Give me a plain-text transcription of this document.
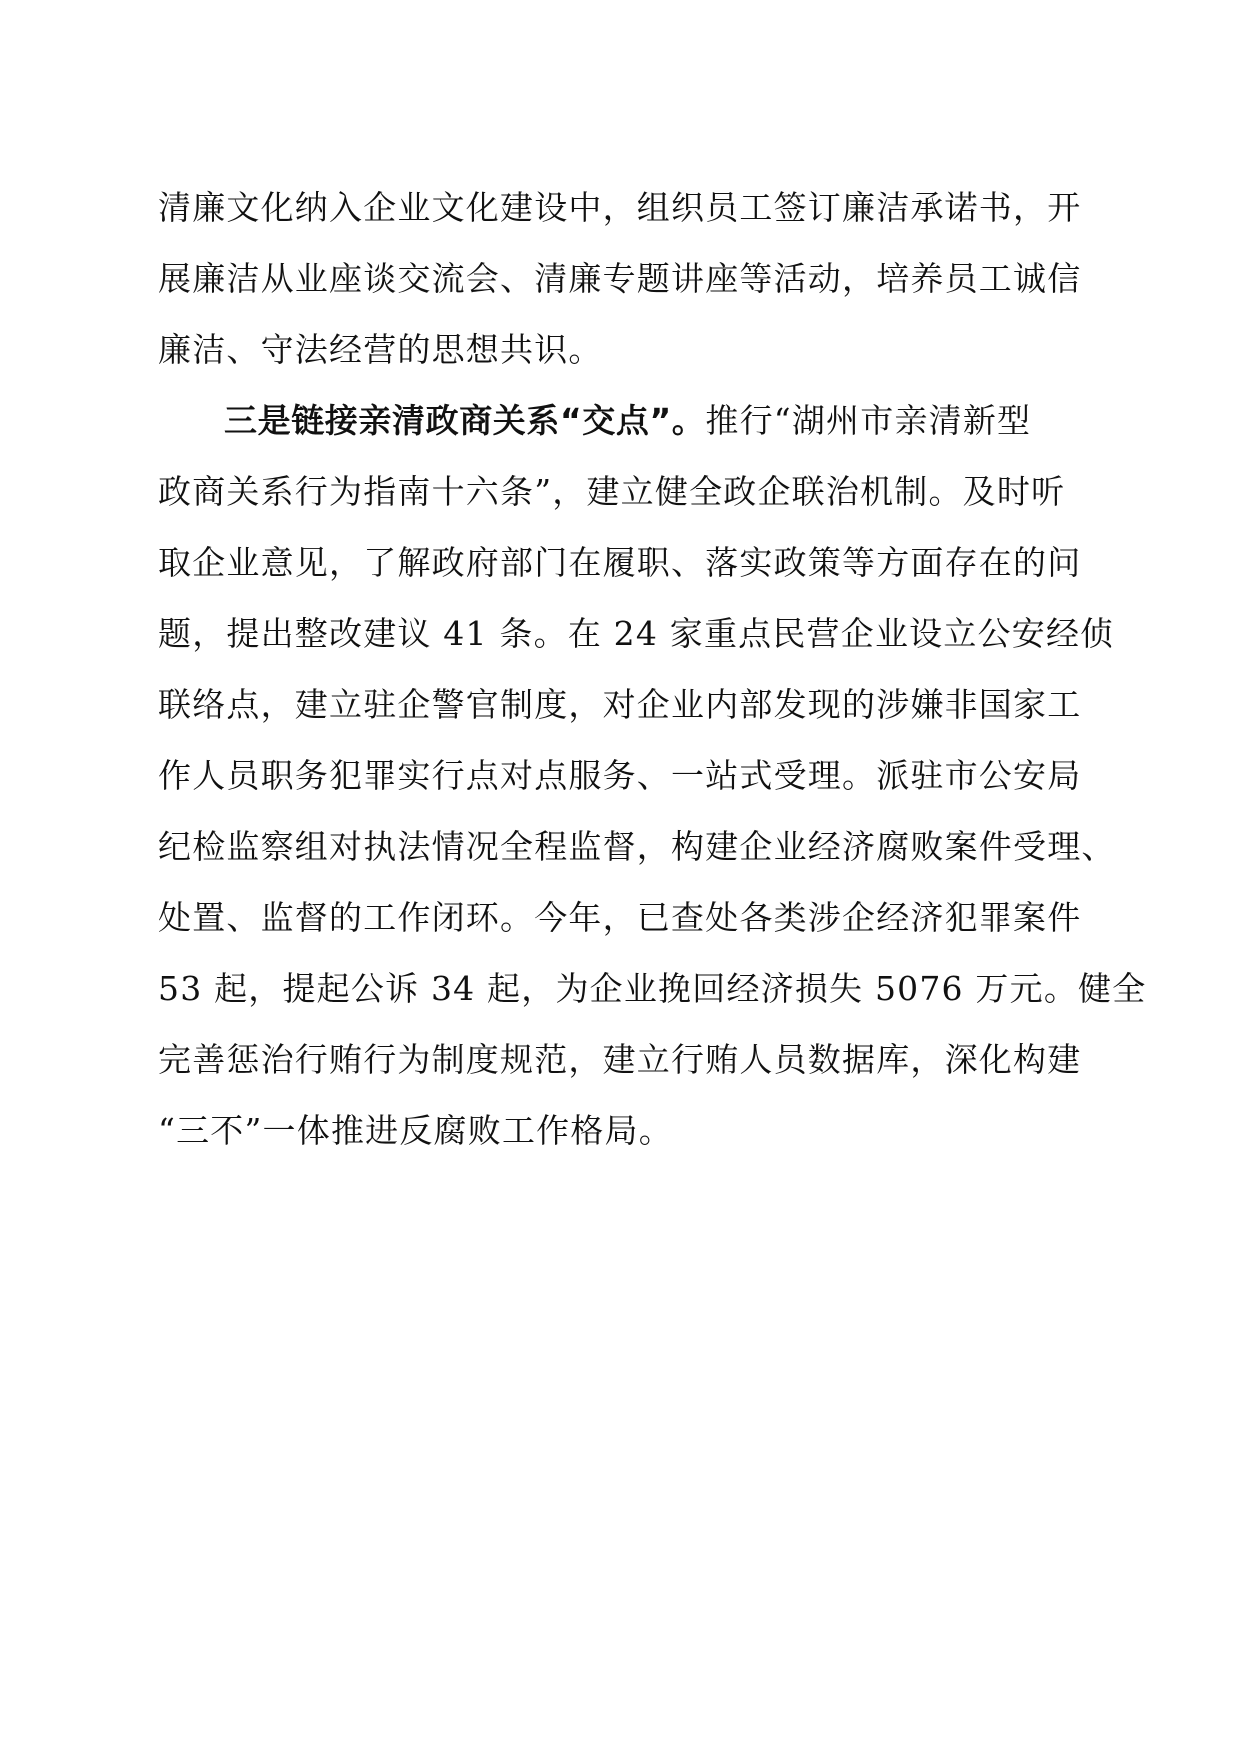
清廉文化纳入企业文化建设中，组织员工签订廉洁承诺书，开
展廉洁从业座谈交流会、清廉专题讲座等活动，培养员工诚信
廉洁、守法经营的思想共识。
三是链接亲清政商关系“交点”。推行“湖州市亲清新型
政商关系行为指南十六条”，建立健全政企联治机制。及时听
取企业意见，了解政府部门在履职、落实政策等方面存在的问
题，提出整改建议 41 条。在 24 家重点民营企业设立公安经侦
联络点，建立驻企警官制度，对企业内部发现的涉嫌非国家工
作人员职务犯罪实行点对点服务、一站式受理。派驻市公安局
纪检监察组对执法情况全程监督，构建企业经济腐败案件受理、
处置、监督的工作闭环。今年，已查处各类涉企经济犯罪案件
53 起，提起公诉 34 起，为企业挽回经济损失 5076 万元。健全
完善惩治行贿行为制度规范，建立行贿人员数据库，深化构建
“三不”一体推进反腐败工作格局。
